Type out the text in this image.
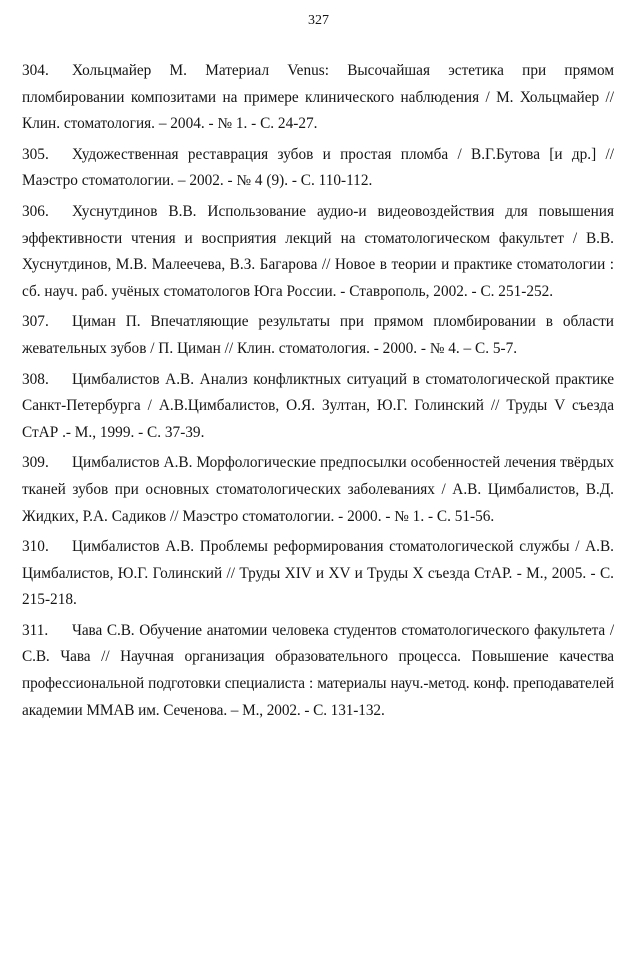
327

304. Хольцмайер М. Материал Venus: Высочайшая эстетика при прямом пломбировании композитами на примере клинического наблюдения / М. Хольцмайер // Клин. стоматология. – 2004. - № 1. - С. 24-27.

305. Художественная реставрация зубов и простая пломба / В.Г.Бутова [и др.] // Маэстро стоматологии. – 2002. - № 4 (9). - С. 110-112.

306. Хуснутдинов В.В. Использование аудио-и видеовоздействия для повышения эффективности чтения и восприятия лекций на стоматологическом факультет / В.В. Хуснутдинов, М.В. Малеечева, В.З. Багарова // Новое в теории и практике стоматологии : сб. науч. раб. учёных стоматологов Юга России. - Ставрополь, 2002. - С. 251-252.

307. Циман П. Впечатляющие результаты при прямом пломбировании в области жевательных зубов / П. Циман // Клин. стоматология. - 2000. - № 4. – С. 5-7.

308. Цимбалистов А.В. Анализ конфликтных ситуаций в стоматологической практике Санкт-Петербурга / А.В.Цимбалистов, О.Я. Зултан, Ю.Г. Голинский // Труды V съезда СтАР .- М., 1999. - С. 37-39.

309. Цимбалистов А.В. Морфологические предпосылки особенностей лечения твёрдых тканей зубов при основных стоматологических заболеваниях / А.В. Цимбалистов, В.Д. Жидких, Р.А. Садиков // Маэстро стоматологии. - 2000. - № 1. - С. 51-56.

310. Цимбалистов А.В. Проблемы реформирования стоматологической службы / А.В. Цимбалистов, Ю.Г. Голинский // Труды XIV и XV и Труды X съезда СтАР. - М., 2005. - С. 215-218.

311. Чава С.В. Обучение анатомии человека студентов стоматологического факультета / С.В. Чава // Научная организация образовательного процесса. Повышение качества профессиональной подготовки специалиста : материалы науч.-метод. конф. преподавателей академии ММАВ им. Сеченова. – М., 2002. - С. 131-132.
